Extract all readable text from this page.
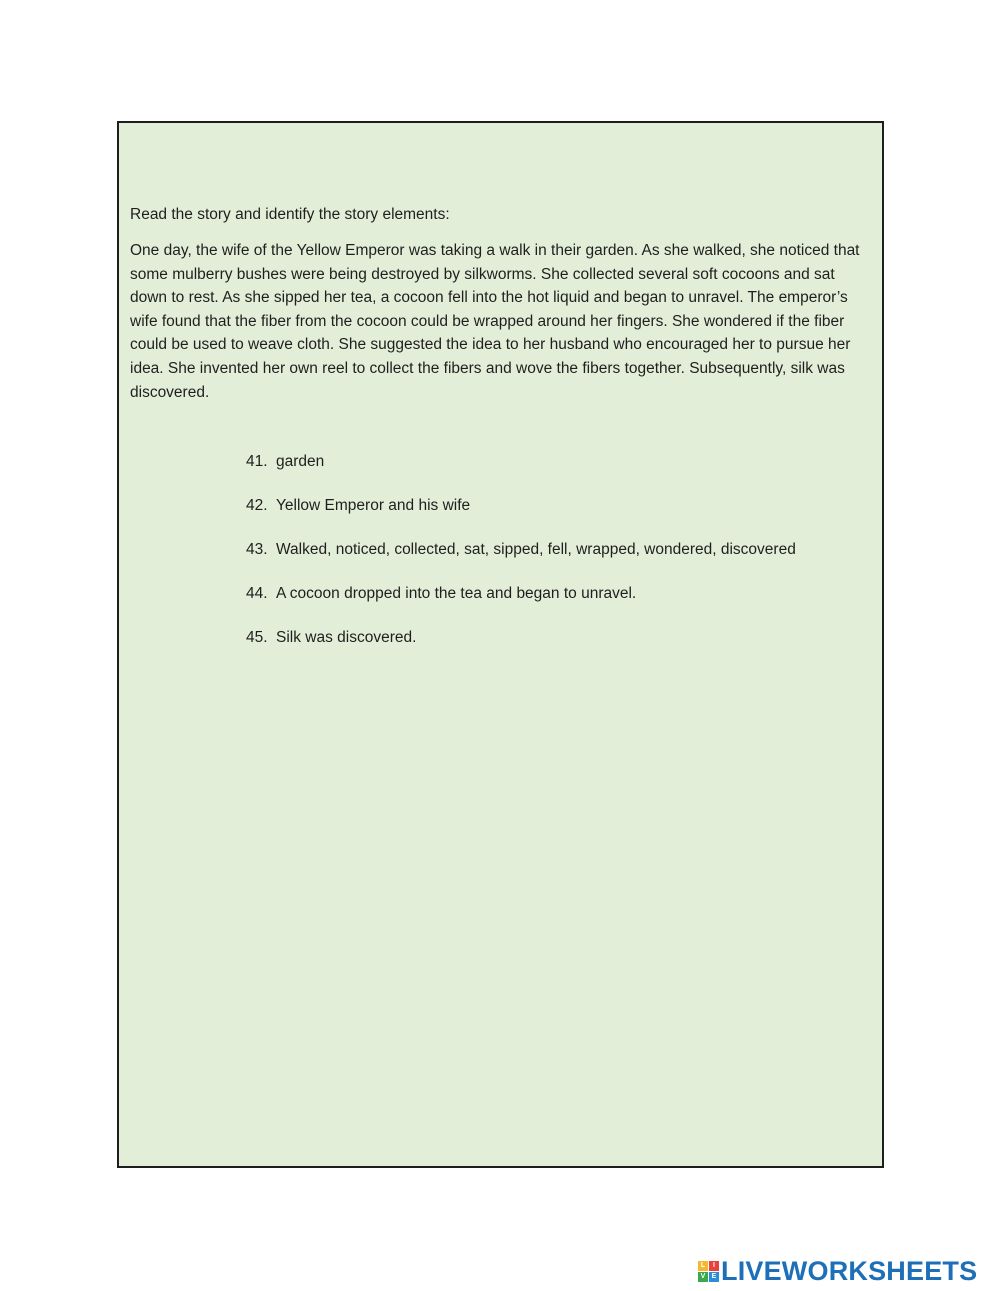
Read the story and identify the story elements:

One day, the wife of the Yellow Emperor was taking a walk in their garden. As she walked, she noticed that some mulberry bushes were being destroyed by silkworms. She collected several soft cocoons and sat down to rest. As she sipped her tea, a cocoon fell into the hot liquid and began to unravel. The emperor’s wife found that the fiber from the cocoon could be wrapped around her fingers. She wondered if the fiber could be used to weave cloth. She suggested the idea to her husband who encouraged her to pursue her idea. She invented her own reel to collect the fibers and wove the fibers together. Subsequently, silk was discovered.

41. garden
42. Yellow Emperor and his wife
43. Walked, noticed, collected, sat, sipped, fell, wrapped, wondered, discovered
44. A cocoon dropped into the tea and began to unravel.
45. Silk was discovered.
L	I
V E LIVEWORKSHEETS
